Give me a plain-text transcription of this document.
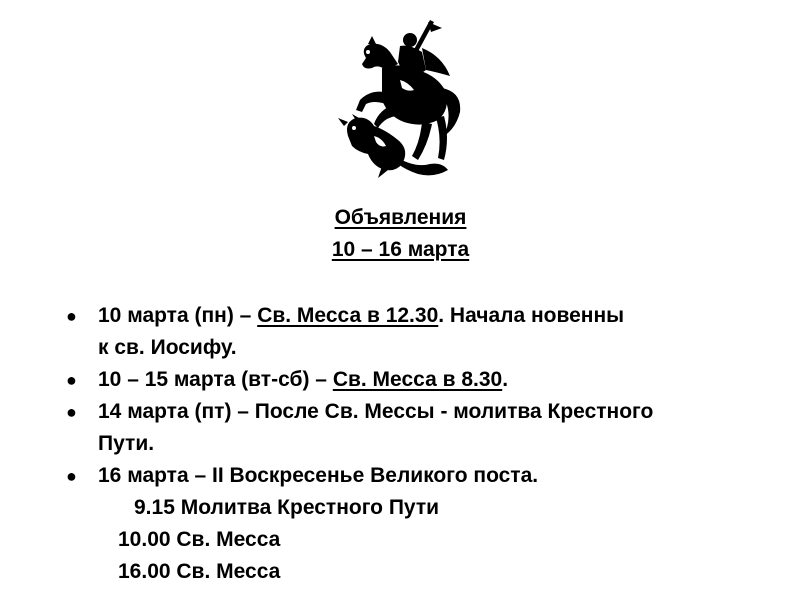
Объявления
10 – 16 марта
● 10 марта (пн) – Св. Месса в 12.30. Начала новенны
к св. Иосифу.
● 10 – 15 марта (вт-сб) – Св. Месса в 8.30.
● 14 марта (пт) – После Св. Мессы - молитва Крестного
Пути.
● 16 марта – II Воскресенье Великого поста.
9.15 Молитва Крестного Пути
10.00 Св. Месса
16.00 Св. Месса
